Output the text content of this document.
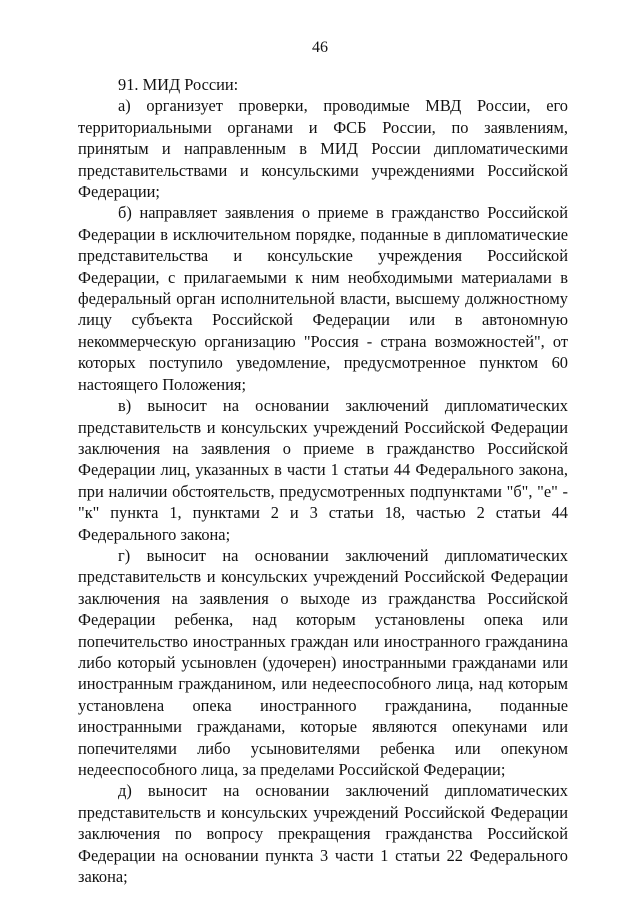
46

91. МИД России:

а) организует проверки, проводимые МВД России, его территориальными органами и ФСБ России, по заявлениям, принятым и направленным в МИД России дипломатическими представительствами и консульскими учреждениями Российской Федерации;

б) направляет заявления о приеме в гражданство Российской Федерации в исключительном порядке, поданные в дипломатические представительства и консульские учреждения Российской Федерации, с прилагаемыми к ним необходимыми материалами в федеральный орган исполнительной власти, высшему должностному лицу субъекта Российской Федерации или в автономную некоммерческую организацию "Россия - страна возможностей", от которых поступило уведомление, предусмотренное пунктом 60 настоящего Положения;

в) выносит на основании заключений дипломатических представительств и консульских учреждений Российской Федерации заключения на заявления о приеме в гражданство Российской Федерации лиц, указанных в части 1 статьи 44 Федерального закона, при наличии обстоятельств, предусмотренных подпунктами "б", "е" - "к" пункта 1, пунктами 2 и 3 статьи 18, частью 2 статьи 44 Федерального закона;

г) выносит на основании заключений дипломатических представительств и консульских учреждений Российской Федерации заключения на заявления о выходе из гражданства Российской Федерации ребенка, над которым установлены опека или попечительство иностранных граждан или иностранного гражданина либо который усыновлен (удочерен) иностранными гражданами или иностранным гражданином, или недееспособного лица, над которым установлена опека иностранного гражданина, поданные иностранными гражданами, которые являются опекунами или попечителями либо усыновителями ребенка или опекуном недееспособного лица, за пределами Российской Федерации;

д) выносит на основании заключений дипломатических представительств и консульских учреждений Российской Федерации заключения по вопросу прекращения гражданства Российской Федерации на основании пункта 3 части 1 статьи 22 Федерального закона;
